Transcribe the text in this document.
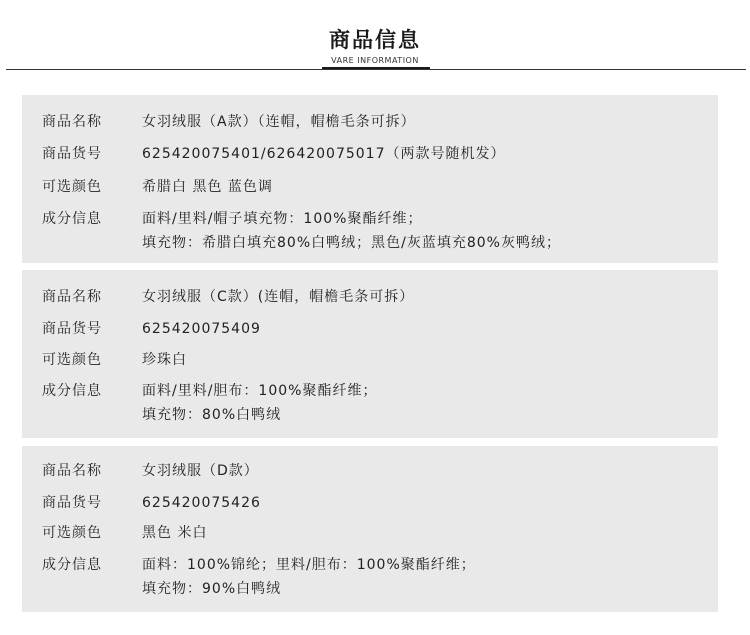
商品信息
VARE INFORMATION
商品名称	女羽绒服（A款）（连帽，帽檐毛条可拆）
商品货号	625420075401/626420075017（两款号随机发）
可选颜色	希腊白 黑色 蓝色调
成分信息	面料/里料/帽子填充物：100%聚酯纤维；
填充物：希腊白填充80%白鸭绒；黑色/灰蓝填充80%灰鸭绒；
商品名称	女羽绒服（C款）(连帽，帽檐毛条可拆）
商品货号	625420075409
可选颜色	珍珠白
成分信息	面料/里料/胆布：100%聚酯纤维；
填充物：80%白鸭绒
商品名称	女羽绒服（D款）
商品货号	625420075426
可选颜色	黑色 米白
成分信息	面料：100%锦纶；里料/胆布：100%聚酯纤维；
填充物：90%白鸭绒
